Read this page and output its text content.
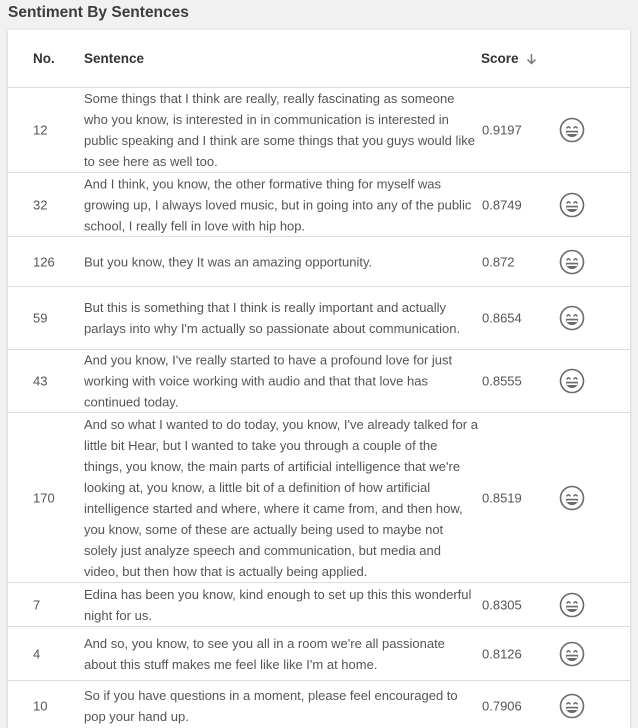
Sentiment By Sentences
No. Sentence	Score
12
Some things that I think are really, really fascinating as someone who you know, is interested in in communication is interested in public speaking and I think are some things that you guys would like to see here as well too.
0.9197
32
And I think, you know, the other formative thing for myself was growing up, I always loved music, but in going into any of the public school, I really fell in love with hip hop.
0.8749
126 But you know, they It was an amazing opportunity.	0.872
59
But this is something that I think is really important and actually parlays into why I'm actually so passionate about communication.
0.8654
43
And you know, I've really started to have a profound love for just working with voice working with audio and that that love has continued today.
0.8555
170
And so what I wanted to do today, you know, I've already talked for a little bit Hear, but I wanted to take you through a couple of the things, you know, the main parts of artificial intelligence that we're looking at, you know, a little bit of a definition of how artificial intelligence started and where, where it came from, and then how, you know, some of these are actually being used to maybe not solely just analyze speech and communication, but media and video, but then how that is actually being applied.
0.8519
7
Edina has been you know, kind enough to set up this this wonderful night for us.
0.8305
4
And so, you know, to see you all in a room we're all passionate about this stuff makes me feel like like I'm at home.
0.8126
10
So if you have questions in a moment, please feel encouraged to pop your hand up.
0.7906
